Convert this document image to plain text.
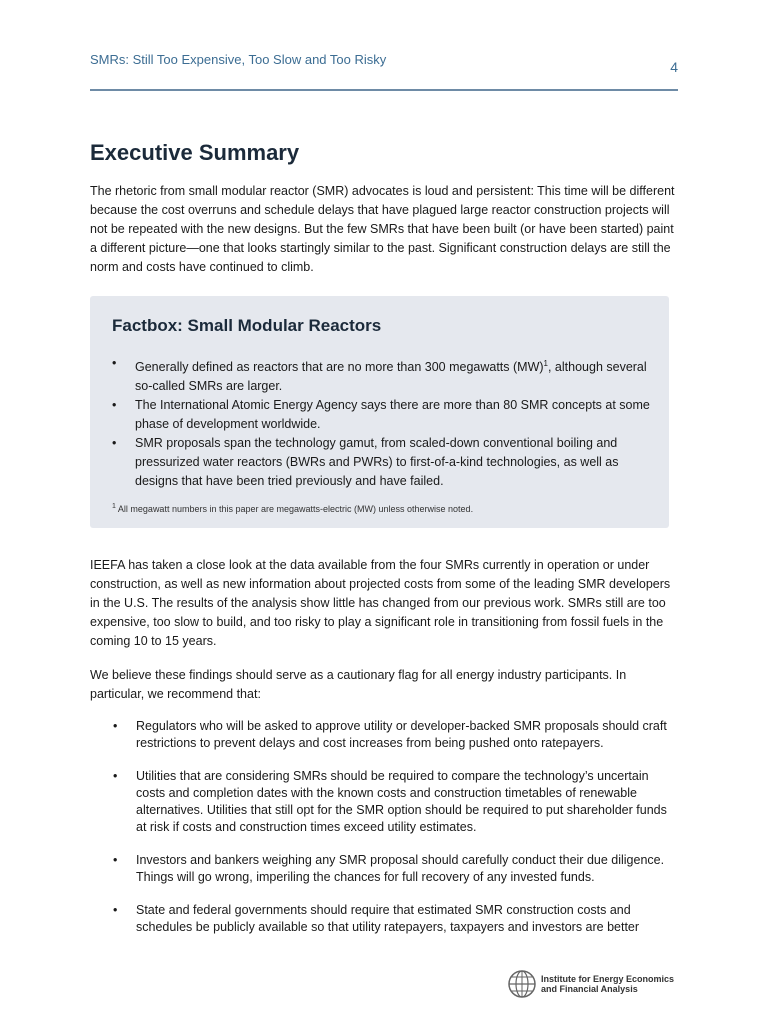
SMRs: Still Too Expensive, Too Slow and Too Risky	4
Executive Summary

The rhetoric from small modular reactor (SMR) advocates is loud and persistent: This time will be different because the cost overruns and schedule delays that have plagued large reactor construction projects will not be repeated with the new designs. But the few SMRs that have been built (or have been started) paint a different picture—one that looks startingly similar to the past. Significant construction delays are still the norm and costs have continued to climb.

Factbox: Small Modular Reactors
• Generally defined as reactors that are no more than 300 megawatts (MW)$^1$, although several so-called SMRs are larger.
• The International Atomic Energy Agency says there are more than 80 SMR concepts at some phase of development worldwide.
• SMR proposals span the technology gamut, from scaled-down conventional boiling and pressurized water reactors (BWRs and PWRs) to first-of-a-kind technologies, as well as designs that have been tried previously and have failed.
$^1$ All megawatt numbers in this paper are megawatts-electric (MW) unless otherwise noted.

IEEFA has taken a close look at the data available from the four SMRs currently in operation or under construction, as well as new information about projected costs from some of the leading SMR developers in the U.S. The results of the analysis show little has changed from our previous work. SMRs still are too expensive, too slow to build, and too risky to play a significant role in transitioning from fossil fuels in the coming 10 to 15 years.

We believe these findings should serve as a cautionary flag for all energy industry participants. In particular, we recommend that:

• Regulators who will be asked to approve utility or developer-backed SMR proposals should craft restrictions to prevent delays and cost increases from being pushed onto ratepayers.
• Utilities that are considering SMRs should be required to compare the technology’s uncertain costs and completion dates with the known costs and construction timetables of renewable alternatives. Utilities that still opt for the SMR option should be required to put shareholder funds at risk if costs and construction times exceed utility estimates.
• Investors and bankers weighing any SMR proposal should carefully conduct their due diligence. Things will go wrong, imperiling the chances for full recovery of any invested funds.
• State and federal governments should require that estimated SMR construction costs and schedules be publicly available so that utility ratepayers, taxpayers and investors are better
Institute for Energy Economics
and Financial Analysis
